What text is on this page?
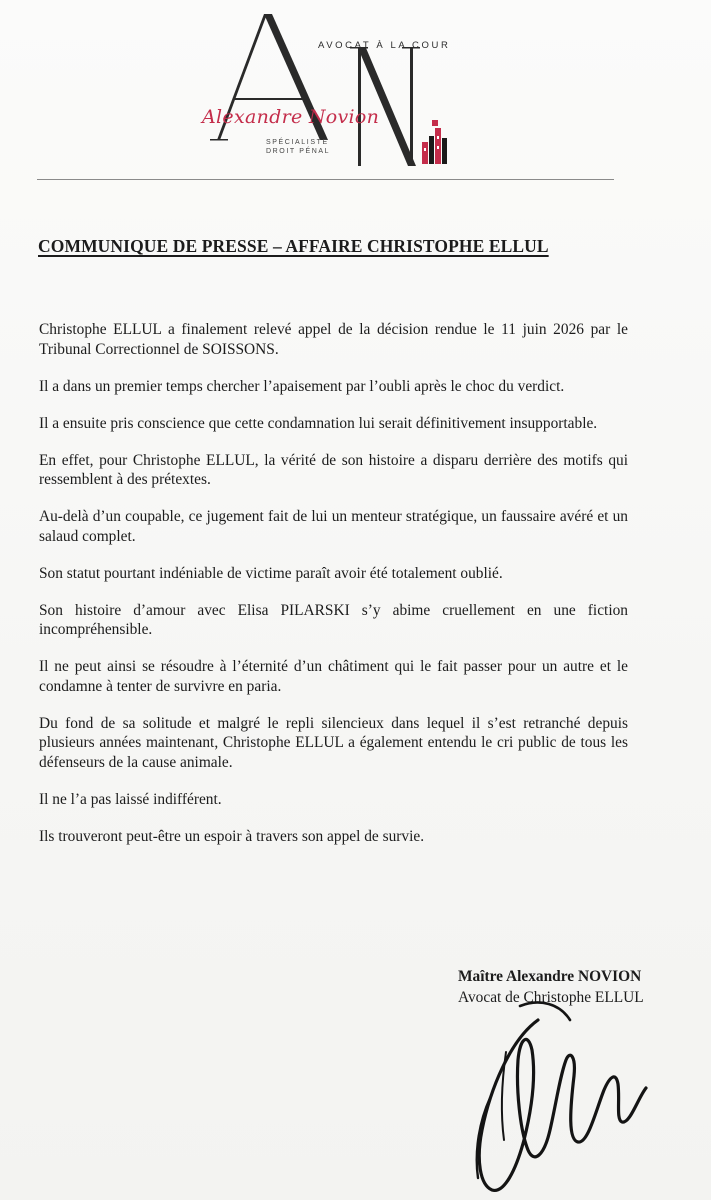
AVOCAT À LA COUR
Alexandre Novion
SPÉCIALISTE
DROIT PÉNAL
COMMUNIQUE DE PRESSE – AFFAIRE CHRISTOPHE ELLUL

Christophe ELLUL a finalement relevé appel de la décision rendue le 11 juin 2026 par le Tribunal Correctionnel de SOISSONS.

Il a dans un premier temps chercher l’apaisement par l’oubli après le choc du verdict.

Il a ensuite pris conscience que cette condamnation lui serait définitivement insupportable.

En effet, pour Christophe ELLUL, la vérité de son histoire a disparu derrière des motifs qui ressemblent à des prétextes.

Au-delà d’un coupable, ce jugement fait de lui un menteur stratégique, un faussaire avéré et un salaud complet.

Son statut pourtant indéniable de victime paraît avoir été totalement oublié.

Son histoire d’amour avec Elisa PILARSKI s’y abime cruellement en une fiction incompréhensible.

Il ne peut ainsi se résoudre à l’éternité d’un châtiment qui le fait passer pour un autre et le condamne à tenter de survivre en paria.

Du fond de sa solitude et malgré le repli silencieux dans lequel il s’est retranché depuis plusieurs années maintenant, Christophe ELLUL a également entendu le cri public de tous les défenseurs de la cause animale.

Il ne l’a pas laissé indifférent.

Ils trouveront peut-être un espoir à travers son appel de survie.

Maître Alexandre NOVION
Avocat de Christophe ELLUL
